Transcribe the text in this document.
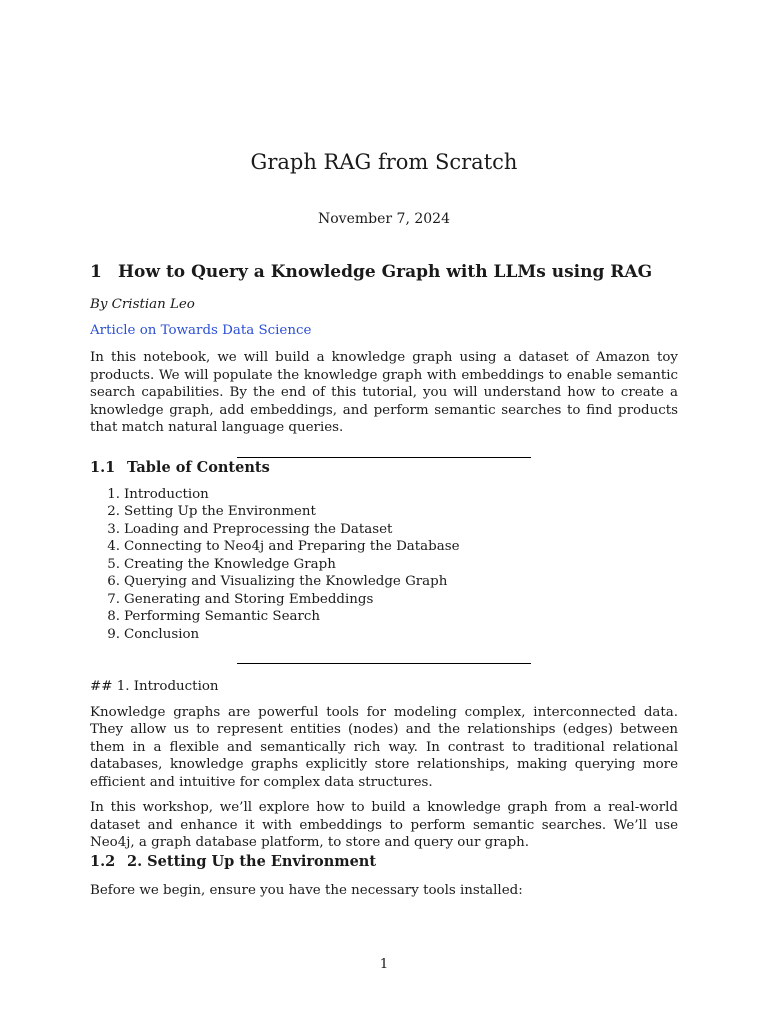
Graph RAG from Scratch

November 7, 2024

1 How to Query a Knowledge Graph with LLMs using RAG

By Cristian Leo

Article on Towards Data Science

In this notebook, we will build a knowledge graph using a dataset of Amazon toy products. We will populate the knowledge graph with embeddings to enable semantic search capabilities. By the end of this tutorial, you will understand how to create a knowledge graph, add embeddings, and perform semantic searches to find products that match natural language queries.

1.1 Table of Contents
1. Introduction
2. Setting Up the Environment
3. Loading and Preprocessing the Dataset
4. Connecting to Neo4j and Preparing the Database
5. Creating the Knowledge Graph
6. Querying and Visualizing the Knowledge Graph
7. Generating and Storing Embeddings
8. Performing Semantic Search
9. Conclusion

## 1. Introduction

Knowledge graphs are powerful tools for modeling complex, interconnected data. They allow us to represent entities (nodes) and the relationships (edges) between them in a flexible and semantically rich way. In contrast to traditional relational databases, knowledge graphs explicitly store relationships, making querying more efficient and intuitive for complex data structures.

In this workshop, we’ll explore how to build a knowledge graph from a real-world dataset and enhance it with embeddings to perform semantic searches. We’ll use Neo4j, a graph database platform, to store and query our graph.

1.2 2. Setting Up the Environment

Before we begin, ensure you have the necessary tools installed:

1
